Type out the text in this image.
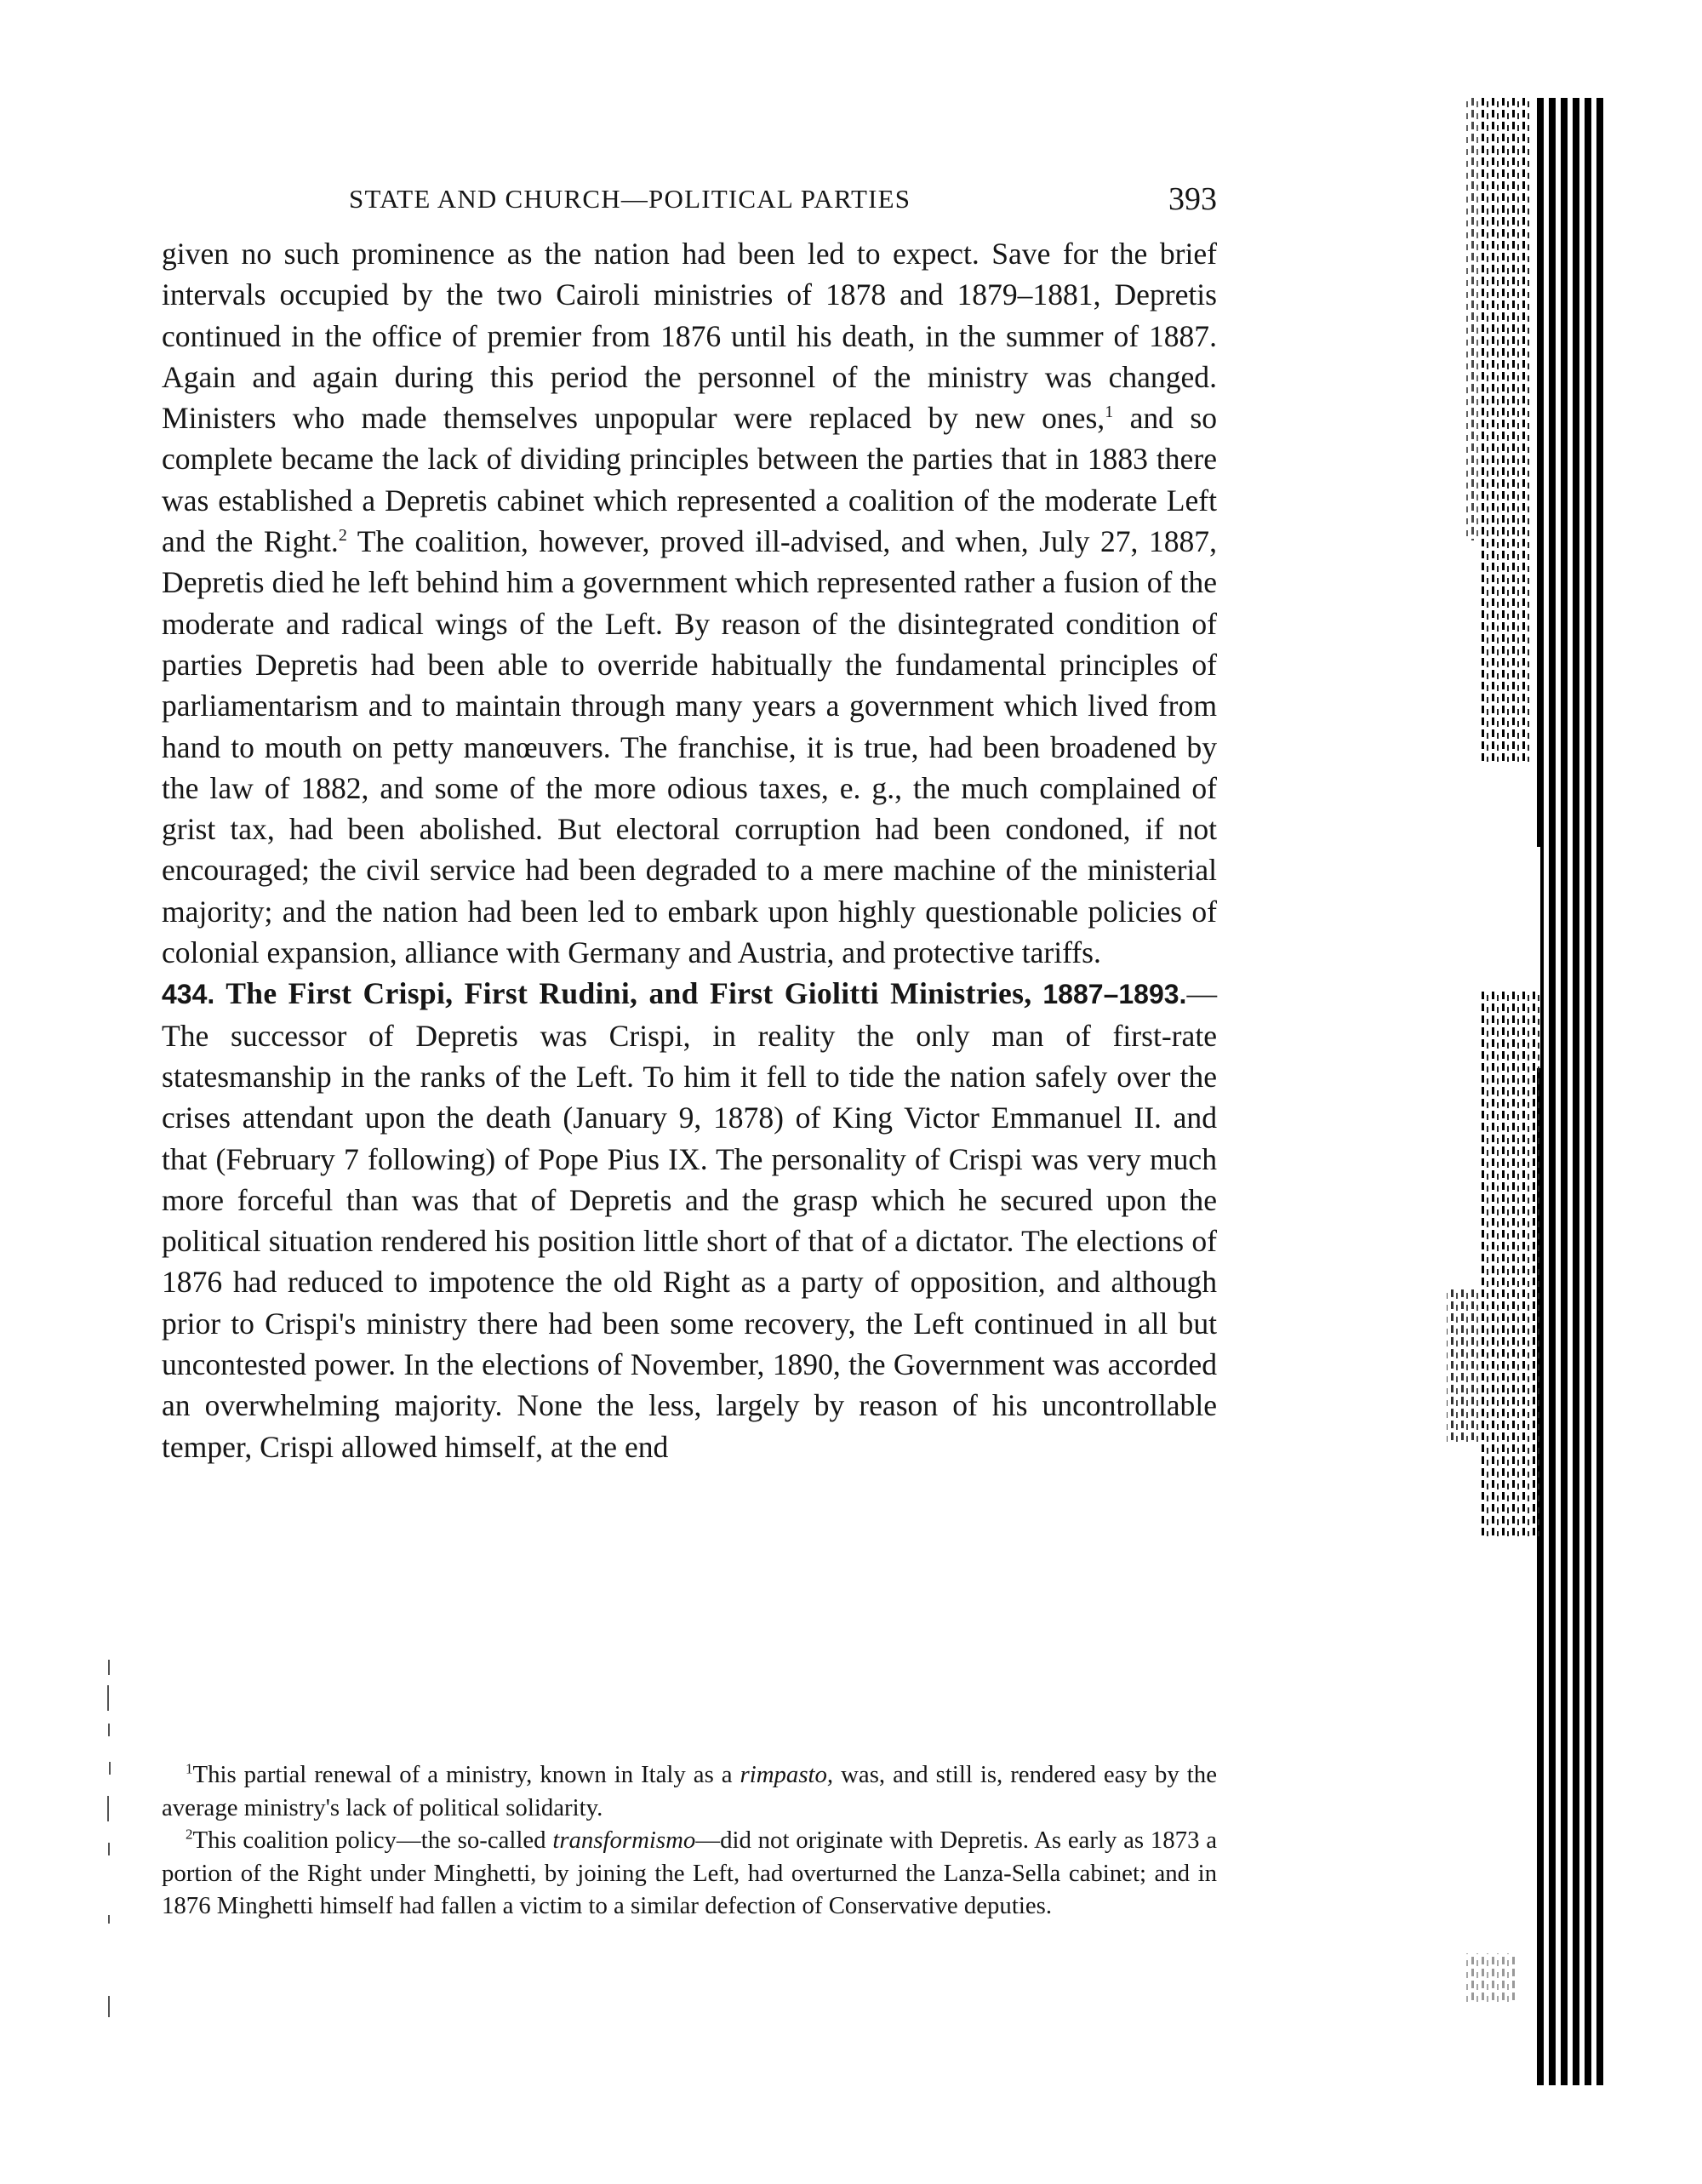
STATE AND CHURCH—POLITICAL PARTIES	393

given no such prominence as the nation had been led to expect. Save for the brief intervals occupied by the two Cairoli ministries of 1878 and 1879–1881, Depretis continued in the office of premier from 1876 until his death, in the summer of 1887. Again and again during this period the personnel of the ministry was changed. Ministers who made themselves unpopular were replaced by new ones,$^1$ and so complete became the lack of dividing principles between the parties that in 1883 there was established a Depretis cabinet which represented a coalition of the moderate Left and the Right.$^2$ The coalition, however, proved ill-advised, and when, July 27, 1887, Depretis died he left behind him a government which represented rather a fusion of the moderate and radical wings of the Left. By reason of the disintegrated condition of parties Depretis had been able to override habitually the fundamental principles of parliamentarism and to maintain through many years a government which lived from hand to mouth on petty manœuvers. The franchise, it is true, had been broadened by the law of 1882, and some of the more odious taxes, e. g., the much complained of grist tax, had been abolished. But electoral corruption had been condoned, if not encouraged; the civil service had been degraded to a mere machine of the ministerial majority; and the nation had been led to embark upon highly questionable policies of colonial expansion, alliance with Germany and Austria, and protective tariffs.

434. The First Crispi, First Rudini, and First Giolitti Ministries, 1887–1893.—The successor of Depretis was Crispi, in reality the only man of first-rate statesmanship in the ranks of the Left. To him it fell to tide the nation safely over the crises attendant upon the death (January 9, 1878) of King Victor Emmanuel II. and that (February 7 following) of Pope Pius IX. The personality of Crispi was very much more forceful than was that of Depretis and the grasp which he secured upon the political situation rendered his position little short of that of a dictator. The elections of 1876 had reduced to impotence the old Right as a party of opposition, and although prior to Crispi's ministry there had been some recovery, the Left continued in all but uncontested power. In the elections of November, 1890, the Government was accorded an overwhelming majority. None the less, largely by reason of his uncontrollable temper, Crispi allowed himself, at the end

$^1$This partial renewal of a ministry, known in Italy as a rimpasto, was, and still is, rendered easy by the average ministry's lack of political solidarity.

$^2$This coalition policy—the so-called transformismo—did not originate with Depretis. As early as 1873 a portion of the Right under Minghetti, by joining the Left, had overturned the Lanza-Sella cabinet; and in 1876 Minghetti himself had fallen a victim to a similar defection of Conservative deputies.
